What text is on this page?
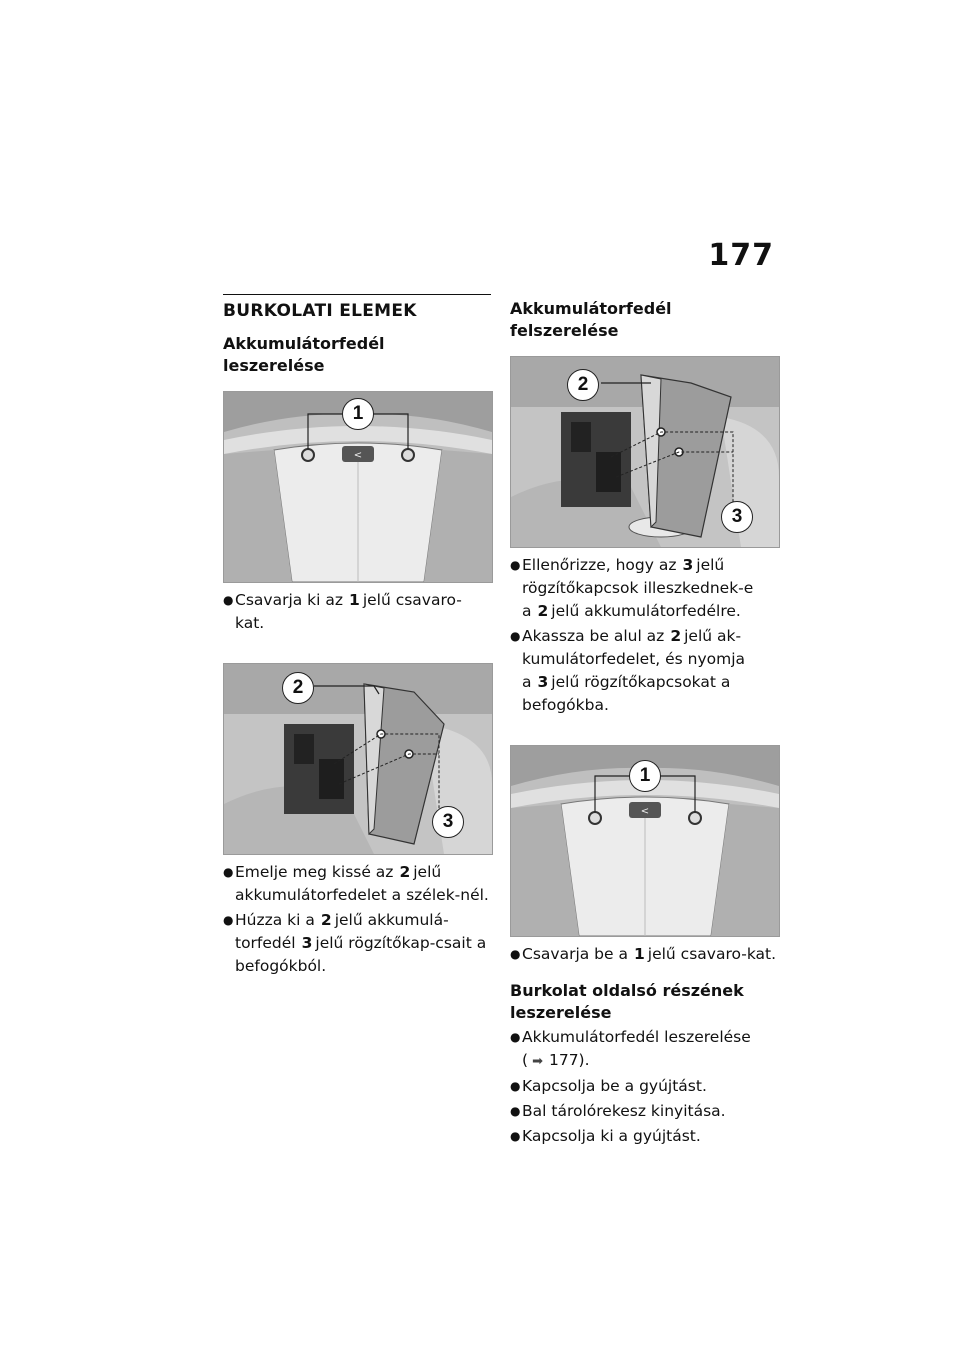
177
BURKOLATI ELEMEK
Akkumulátorfedél leszerelése
<
1
● Csavarja ki az 1 jelű csavaro-kat.
2
3
● Emelje meg kissé az 2 jelű akkumulátorfedelet a szélek-nél.
● Húzza ki a 2 jelű akkumulá-torfedél 3 jelű rögzítőkap-csait a befogókból.
Akkumulátorfedél felszerelése
2
3
● Ellenőrizze, hogy az 3 jelű rögzítőkapcsok illeszkednek-e a 2 jelű akkumulátorfedélre.
● Akassza be alul az 2 jelű ak-kumulátorfedelet, és nyomja a 3 jelű rögzítőkapcsokat a befogókba.
<
1
● Csavarja be a 1 jelű csavaro-kat.
Burkolat oldalsó részének leszerelése
● Akkumulátorfedél leszerelése
( ➡ 177).
● Kapcsolja be a gyújtást.
● Bal tárolórekesz kinyitása.
● Kapcsolja ki a gyújtást.
